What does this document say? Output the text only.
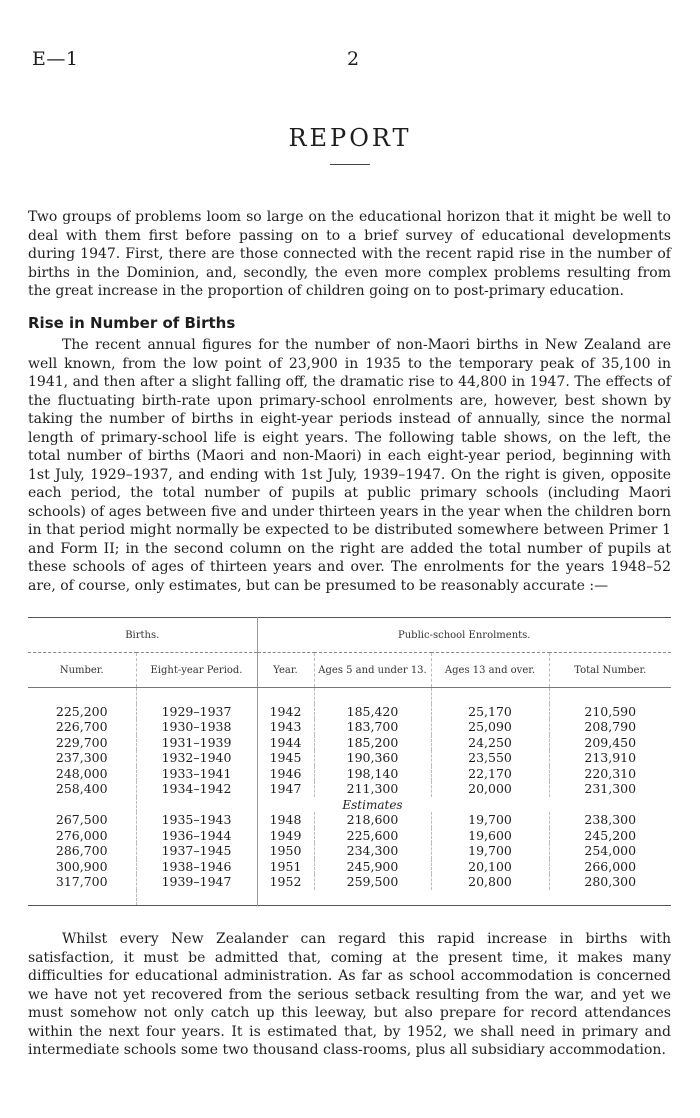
E—1	2
REPORT

Two groups of problems loom so large on the educational horizon that it might be well to deal with them first before passing on to a brief survey of educational developments during 1947. First, there are those connected with the recent rapid rise in the number of births in the Dominion, and, secondly, the even more complex problems resulting from the great increase in the proportion of children going on to post-primary education.

Rise in Number of Births

The recent annual figures for the number of non-Maori births in New Zealand are well known, from the low point of 23,900 in 1935 to the temporary peak of 35,100 in 1941, and then after a slight falling off, the dramatic rise to 44,800 in 1947. The effects of the fluctuating birth-rate upon primary-school enrolments are, however, best shown by taking the number of births in eight-year periods instead of annually, since the normal length of primary-school life is eight years. The following table shows, on the left, the total number of births (Maori and non-Maori) in each eight-year period, beginning with 1st July, 1929–1937, and ending with 1st July, 1939–1947. On the right is given, opposite each period, the total number of pupils at public primary schools (including Maori schools) of ages between five and under thirteen years in the year when the children born in that period might normally be expected to be distributed somewhere between Primer 1 and Form II; in the second column on the right are added the total number of pupils at these schools of ages of thirteen years and over. The enrolments for the years 1948–52 are, of course, only estimates, but can be presumed to be reasonably accurate :—

Births.		Public-school Enrolments.			
Number.	Eight-year Period.	Year.	Ages 5 and under 13.	Ages 13 and over.	Total Number.

225,200	1929–1937	1942	185,420	25,170	210,590
226,700	1930–1938	1943	183,700	25,090	208,790
229,700	1931–1939	1944	185,200	24,250	209,450
237,300	1932–1940	1945	190,360	23,550	213,910
248,000	1933–1941	1946	198,140	22,170	220,310
258,400	1934–1942	1947	211,300	20,000	231,300
			Estimates		
267,500	1935–1943	1948	218,600	19,700	238,300
276,000	1936–1944	1949	225,600	19,600	245,200
286,700	1937–1945	1950	234,300	19,700	254,000
300,900	1938–1946	1951	245,900	20,100	266,000
317,700	1939–1947	1952	259,500	20,800	280,300

Whilst every New Zealander can regard this rapid increase in births with satisfaction, it must be admitted that, coming at the present time, it makes many difficulties for educational administration. As far as school accommodation is concerned we have not yet recovered from the serious setback resulting from the war, and yet we must somehow not only catch up this leeway, but also prepare for record attendances within the next four years. It is estimated that, by 1952, we shall need in primary and intermediate schools some two thousand class-rooms, plus all subsidiary accommodation.
